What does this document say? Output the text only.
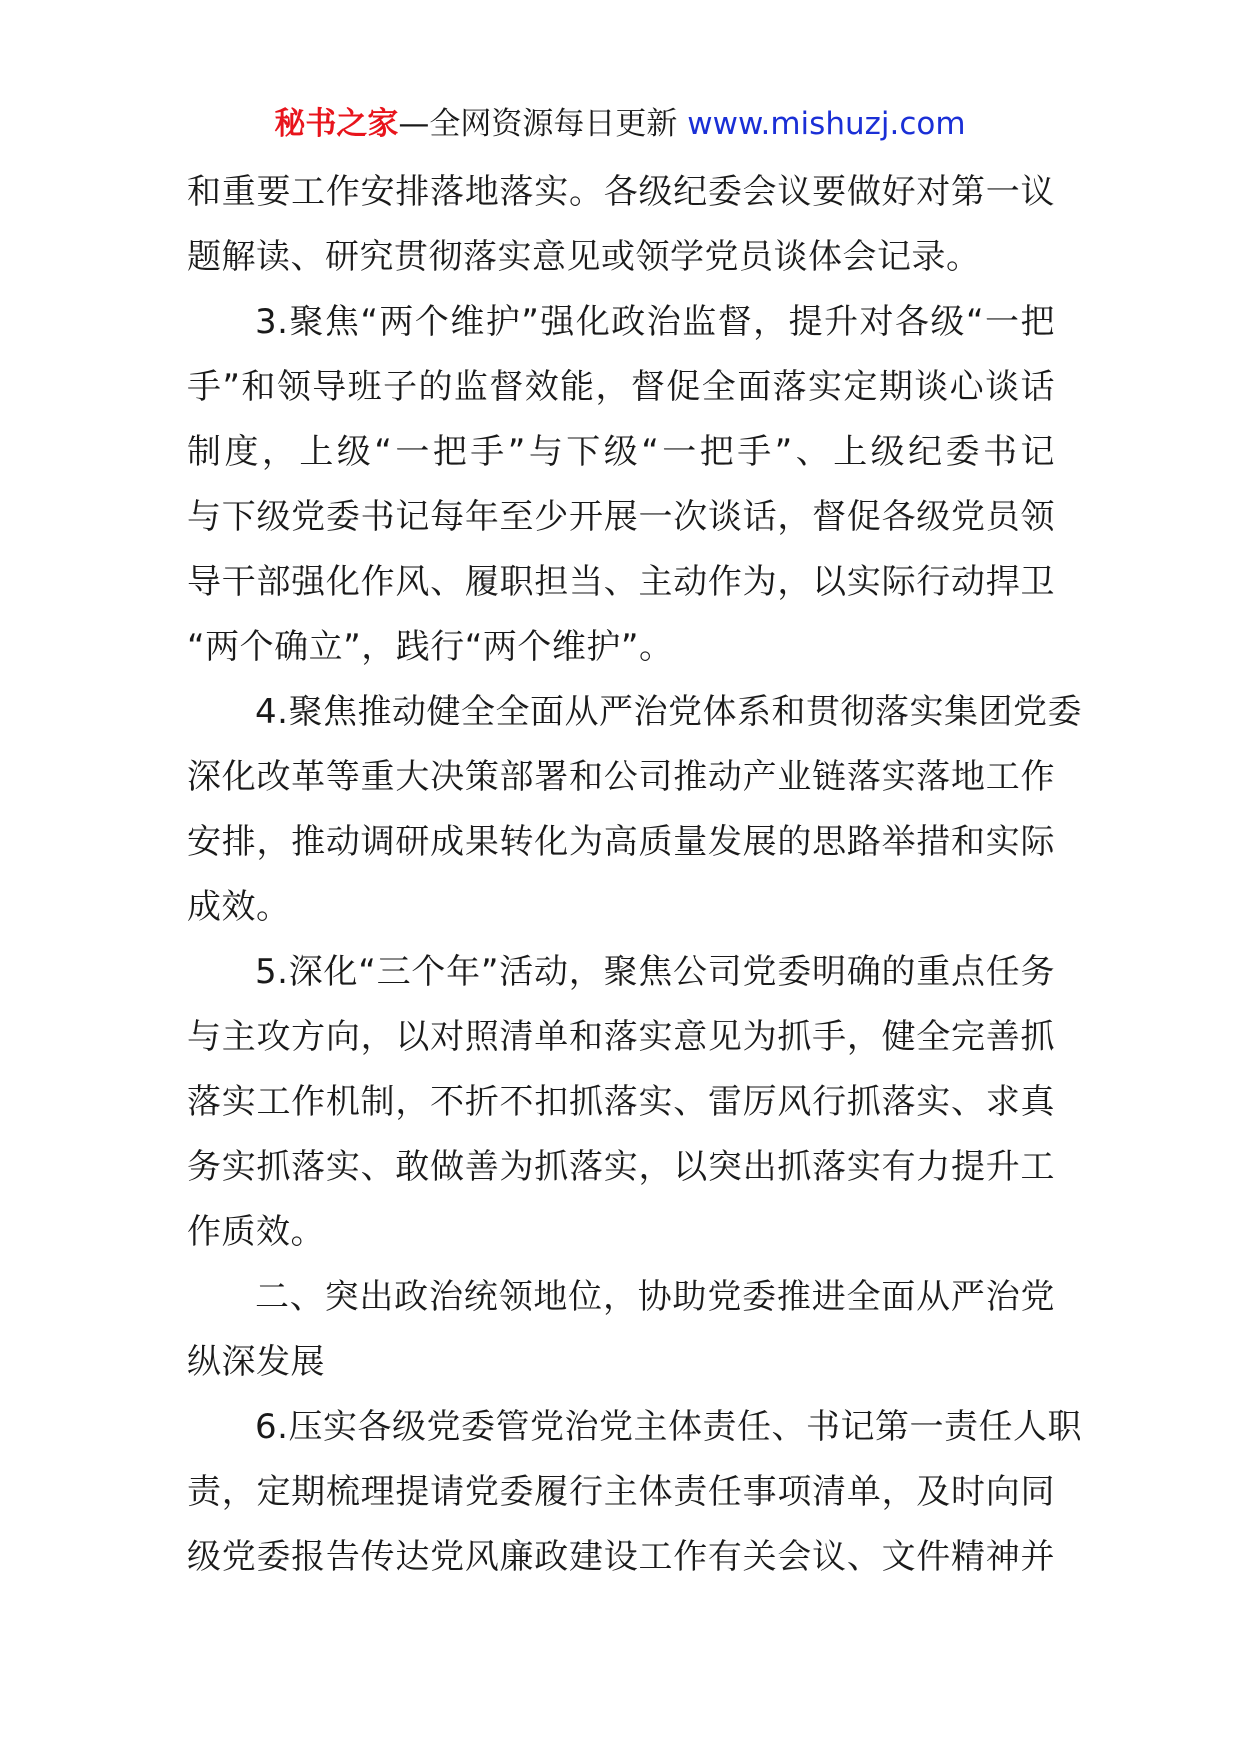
秘书之家—全网资源每日更新 www.mishuzj.com
和重要工作安排落地落实。各级纪委会议要做好对第一议
题解读、研究贯彻落实意见或领学党员谈体会记录。
3.聚焦“两个维护”强化政治监督，提升对各级“一把
手”和领导班子的监督效能，督促全面落实定期谈心谈话
制度，上级“一把手”与下级“一把手”、上级纪委书记
与下级党委书记每年至少开展一次谈话，督促各级党员领
导干部强化作风、履职担当、主动作为，以实际行动捍卫
“两个确立”，践行“两个维护”。
4.聚焦推动健全全面从严治党体系和贯彻落实集团党委
深化改革等重大决策部署和公司推动产业链落实落地工作
安排，推动调研成果转化为高质量发展的思路举措和实际
成效。
5.深化“三个年”活动，聚焦公司党委明确的重点任务
与主攻方向，以对照清单和落实意见为抓手，健全完善抓
落实工作机制，不折不扣抓落实、雷厉风行抓落实、求真
务实抓落实、敢做善为抓落实，以突出抓落实有力提升工
作质效。
二、突出政治统领地位，协助党委推进全面从严治党
纵深发展
6.压实各级党委管党治党主体责任、书记第一责任人职
责，定期梳理提请党委履行主体责任事项清单，及时向同
级党委报告传达党风廉政建设工作有关会议、文件精神并
